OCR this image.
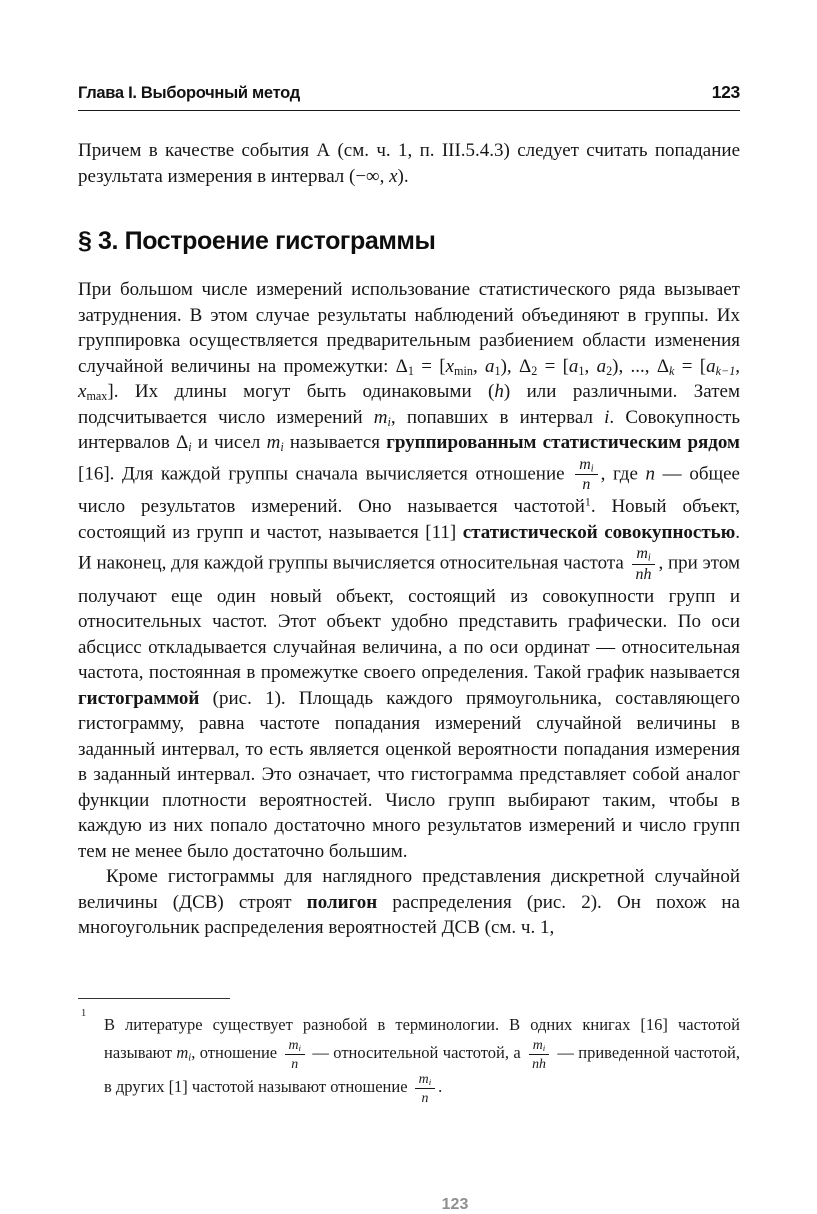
Глава I. Выборочный метод	123

Причем в качестве события А (см. ч. 1, п. III.5.4.3) следует считать попадание результата измерения в интервал (−∞, x).

§ 3. Построение гистограммы

При большом числе измерений использование статистического ряда вызывает затруднения. В этом случае результаты наблюдений объединяют в группы. Их группировка осуществляется предварительным разбиением области изменения случайной величины на промежутки: $\Delta_1 = [x_{min}$, $a_1$), $\Delta_2 = [a_1$, $a_2$), ..., $\Delta_k = [a_{k-1}$, $x_{max}$]. Их длины могут быть одинаковыми (h) или различными. Затем подсчитывается число измерений $m_i$, попавших в интервал i. Совокупность интервалов $\Delta_i$ и чисел $m_i$ называется группированным статистическим рядом [16]. Для каждой группы сначала вычисляется отношение $\frac{m_i}{n}$ , где n — общее число результатов измерений. Оно называется частотой$^1$. Новый объект, состоящий из групп и частот, называется [11] статистической совокупностью. И наконец, для каждой группы вычисляется относительная частота $\frac{m_i}{nh}$ , при этом получают еще один новый объект, состоящий из совокупности групп и относительных частот. Этот объект удобно представить графически. По оси абсцисс откладывается случайная величина, а по оси ординат — относительная частота, постоянная в промежутке своего определения. Такой график называется гистограммой (рис. 1). Площадь каждого прямоугольника, составляющего гистограмму, равна частоте попадания измерений случайной величины в заданный интервал, то есть является оценкой вероятности попадания измерения в заданный интервал. Это означает, что гистограмма представляет собой аналог функции плотности вероятностей. Число групп выбирают таким, чтобы в каждую из них попало достаточно много результатов измерений и число групп тем не менее было достаточно большим.

Кроме гистограммы для наглядного представления дискретной случайной величины (ДСВ) строят полигон распределения (рис. 2). Он похож на многоугольник распределения вероятностей ДСВ (см. ч. 1,

1
В литературе существует разнобой в терминологии. В одних книгах [16] частотой называют $m_i$, отношение $\frac{m_i}{n}$ — относительной частотой, а $\frac{m_i}{nh}$ — приведенной частотой, в других [1] частотой называют отношение $\frac{m_i}{n}$ .
123
